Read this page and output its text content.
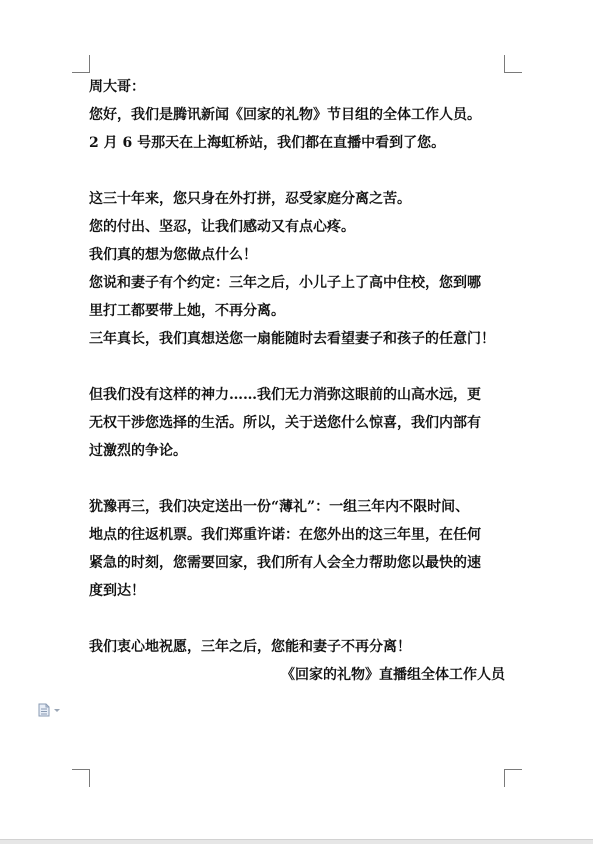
周大哥：
您好，我们是腾讯新闻《回家的礼物》节目组的全体工作人员。
2 月 6 号那天在上海虹桥站，我们都在直播中看到了您。
这三十年来，您只身在外打拼，忍受家庭分离之苦。
您的付出、坚忍，让我们感动又有点心疼。
我们真的想为您做点什么！
您说和妻子有个约定：三年之后，小儿子上了高中住校，您到哪
里打工都要带上她，不再分离。
三年真长，我们真想送您一扇能随时去看望妻子和孩子的任意门！
但我们没有这样的神力……我们无力消弥这眼前的山高水远，更
无权干涉您选择的生活。所以，关于送您什么惊喜，我们内部有
过激烈的争论。
犹豫再三，我们决定送出一份“薄礼”：一组三年内不限时间、
地点的往返机票。我们郑重许诺：在您外出的这三年里，在任何
紧急的时刻，您需要回家，我们所有人会全力帮助您以最快的速
度到达！
我们衷心地祝愿，三年之后，您能和妻子不再分离！
《回家的礼物》直播组全体工作人员
